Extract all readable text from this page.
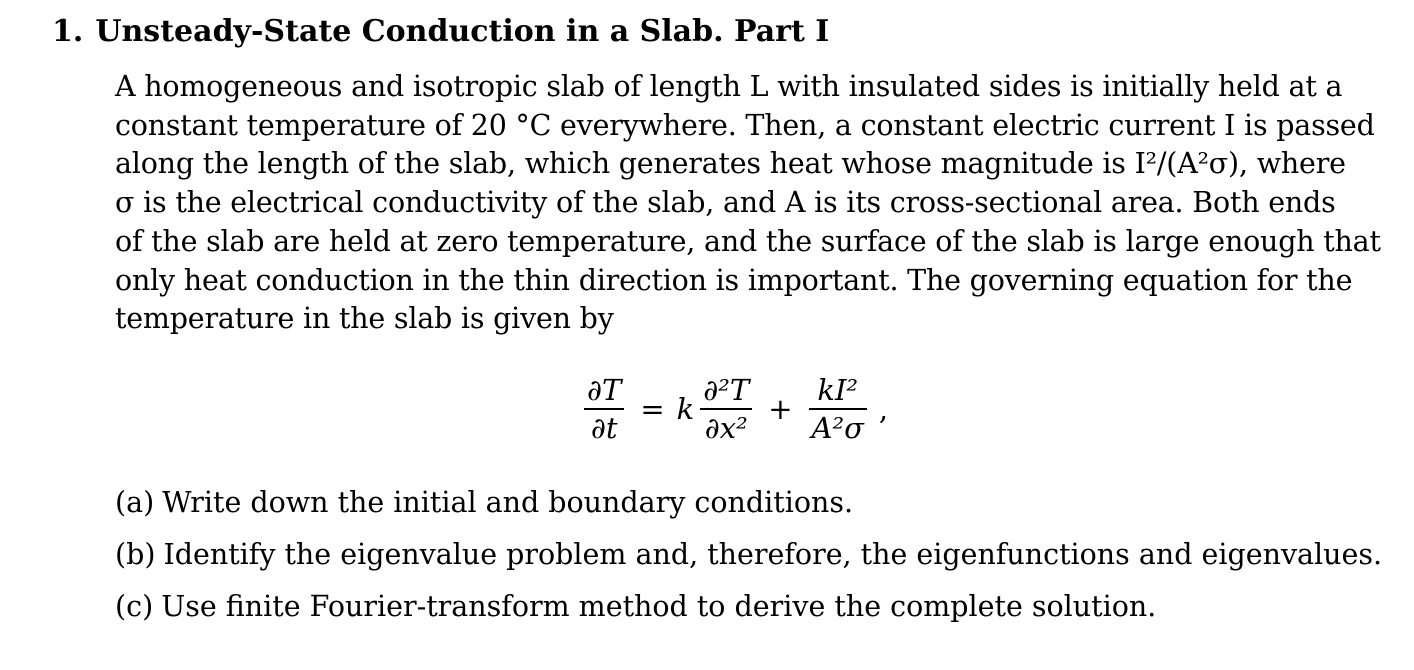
1. Unsteady-State Conduction in a Slab. Part I
A homogeneous and isotropic slab of length L with insulated sides is initially held at a
constant temperature of 20 °C everywhere. Then, a constant electric current I is passed
along the length of the slab, which generates heat whose magnitude is I²/(A²σ), where
σ is the electrical conductivity of the slab, and A is its cross-sectional area. Both ends
of the slab are held at zero temperature, and the surface of the slab is large enough that
only heat conduction in the thin direction is important. The governing equation for the
temperature in the slab is given by
$\frac{\partial T}{\partial t} = k \frac{\text{∂²T}}{\text{∂x²}} + \frac{\text{kI²}}{\text{A²σ}}$ ,
(a) Write down the initial and boundary conditions.
(b) Identify the eigenvalue problem and, therefore, the eigenfunctions and eigenvalues.
(c) Use finite Fourier-transform method to derive the complete solution.
